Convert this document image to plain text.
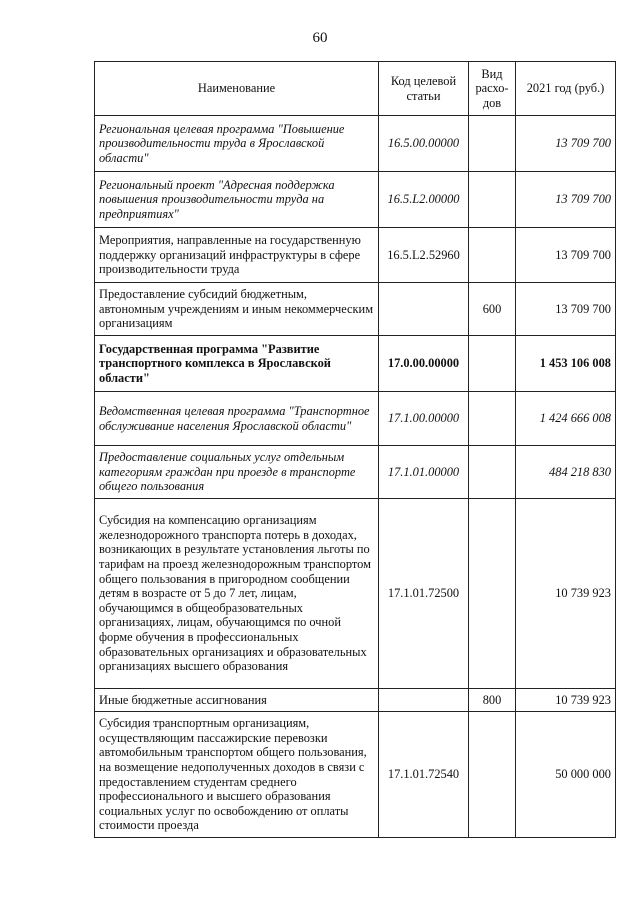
60
Наименование	Код целевой статьи	Вид расхо-дов	2021 год (руб.)
Региональная целевая программа "Повышение производительности труда в Ярославской области"	16.5.00.00000		13 709 700
Региональный проект "Адресная поддержка повышения производительности труда на предприятиях"	16.5.L2.00000		13 709 700
Мероприятия, направленные на государственную поддержку организаций инфраструктуры в сфере производительности труда	16.5.L2.52960		13 709 700
Предоставление субсидий бюджетным, автономным учреждениям и иным некоммерческим организациям		600	13 709 700
Государственная программа "Развитие транспортного комплекса в Ярославской области"	17.0.00.00000		1 453 106 008
Ведомственная целевая программа "Транспортное обслуживание населения Ярославской области"	17.1.00.00000		1 424 666 008
Предоставление социальных услуг отдельным категориям граждан при проезде в транспорте общего пользования	17.1.01.00000		484 218 830
Субсидия на компенсацию организациям железнодорожного транспорта потерь в доходах, возникающих в результате установления льготы по тарифам на проезд железнодорожным транспортом общего пользования в пригородном сообщении детям в возрасте от 5 до 7 лет, лицам, обучающимся в общеобразовательных организациях, лицам, обучающимся по очной форме обучения в профессиональных образовательных организациях и образовательных организациях высшего образования	17.1.01.72500		10 739 923
Иные бюджетные ассигнования		800	10 739 923
Субсидия транспортным организациям, осуществляющим пассажирские перевозки автомобильным транспортом общего пользования, на возмещение недополученных доходов в связи с предоставлением студентам среднего профессионального и высшего образования социальных услуг по освобождению от оплаты стоимости проезда	17.1.01.72540		50 000 000
